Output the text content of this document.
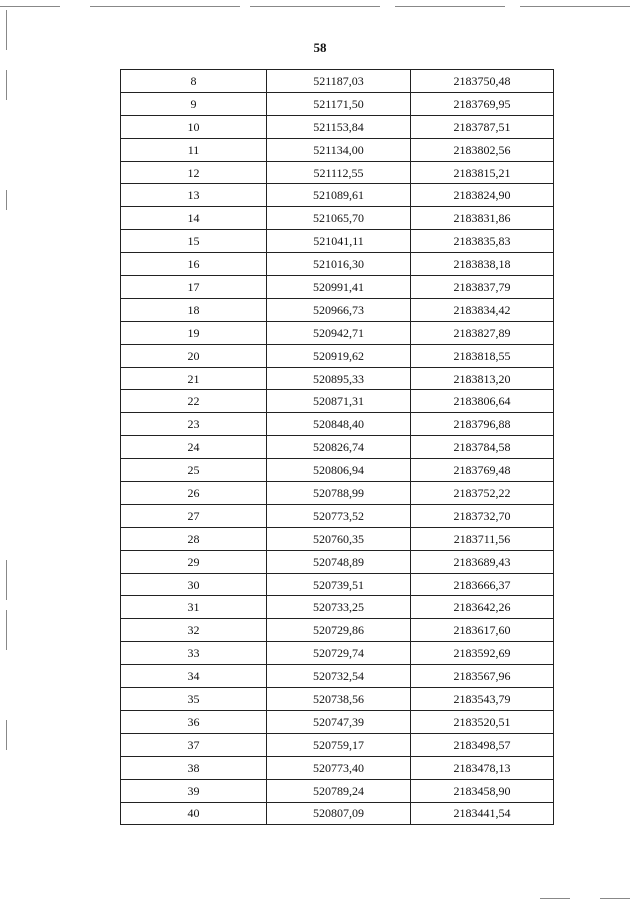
58
8	521187,03	2183750,48
9	521171,50	2183769,95
10	521153,84	2183787,51
11	521134,00	2183802,56
12	521112,55	2183815,21
13	521089,61	2183824,90
14	521065,70	2183831,86
15	521041,11	2183835,83
16	521016,30	2183838,18
17	520991,41	2183837,79
18	520966,73	2183834,42
19	520942,71	2183827,89
20	520919,62	2183818,55
21	520895,33	2183813,20
22	520871,31	2183806,64
23	520848,40	2183796,88
24	520826,74	2183784,58
25	520806,94	2183769,48
26	520788,99	2183752,22
27	520773,52	2183732,70
28	520760,35	2183711,56
29	520748,89	2183689,43
30	520739,51	2183666,37
31	520733,25	2183642,26
32	520729,86	2183617,60
33	520729,74	2183592,69
34	520732,54	2183567,96
35	520738,56	2183543,79
36	520747,39	2183520,51
37	520759,17	2183498,57
38	520773,40	2183478,13
39	520789,24	2183458,90
40	520807,09	2183441,54
